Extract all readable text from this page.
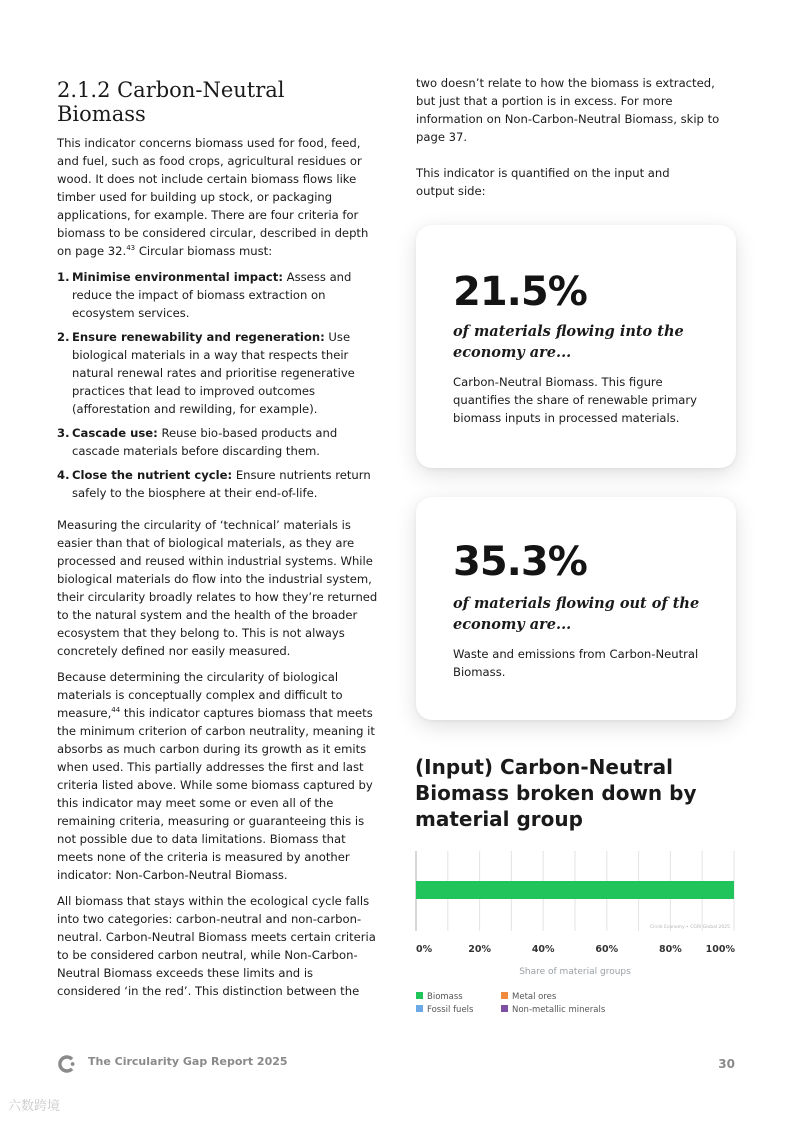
2.1.2 Carbon-Neutral Biomass

This indicator concerns biomass used for food, feed, and fuel, such as food crops, agricultural residues or wood. It does not include certain biomass flows like timber used for building up stock, or packaging applications, for example. There are four criteria for biomass to be considered circular, described in depth on page 32.43 Circular biomass must:

1. Minimise environmental impact: Assess and reduce the impact of biomass extraction on ecosystem services.
2. Ensure renewability and regeneration: Use biological materials in a way that respects their natural renewal rates and prioritise regenerative practices that lead to improved outcomes (afforestation and rewilding, for example).
3. Cascade use: Reuse bio-based products and cascade materials before discarding them.
4. Close the nutrient cycle: Ensure nutrients return safely to the biosphere at their end-of-life.

Measuring the circularity of ‘technical’ materials is easier than that of biological materials, as they are processed and reused within industrial systems. While biological materials do flow into the industrial system, their circularity broadly relates to how they’re returned to the natural system and the health of the broader ecosystem that they belong to. This is not always concretely defined nor easily measured.

Because determining the circularity of biological materials is conceptually complex and difficult to measure,$^{44}$ this indicator captures biomass that meets the minimum criterion of carbon neutrality, meaning it absorbs as much carbon during its growth as it emits when used. This partially addresses the first and last criteria listed above. While some biomass captured by this indicator may meet some or even all of the remaining criteria, measuring or guaranteeing this is not possible due to data limitations. Biomass that meets none of the criteria is measured by another indicator: Non-Carbon-Neutral Biomass.

All biomass that stays within the ecological cycle falls into two categories: carbon-neutral and non-carbon-neutral. Carbon-Neutral Biomass meets certain criteria to be considered carbon neutral, while Non-Carbon-Neutral Biomass exceeds these limits and is considered ‘in the red’. This distinction between the

two doesn’t relate to how the biomass is extracted, but just that a portion is in excess. For more information on Non-Carbon-Neutral Biomass, skip to page 37.

This indicator is quantified on the input and output side:

21.5%
of materials flowing into the economy are...
Carbon-Neutral Biomass. This figure quantifies the share of renewable primary biomass inputs in processed materials.
35.3%
of materials flowing out of the economy are...
Waste and emissions from Carbon-Neutral Biomass.
(Input) Carbon-Neutral Biomass broken down by material group
Circle Economy • CGRI Global 2025
0%	20%	40%	60%	80%	100%
Share of material groups
Biomass	Metal ores
Fossil fuels	Non-metallic minerals
The Circularity Gap Report 2025	30
六数跨境
